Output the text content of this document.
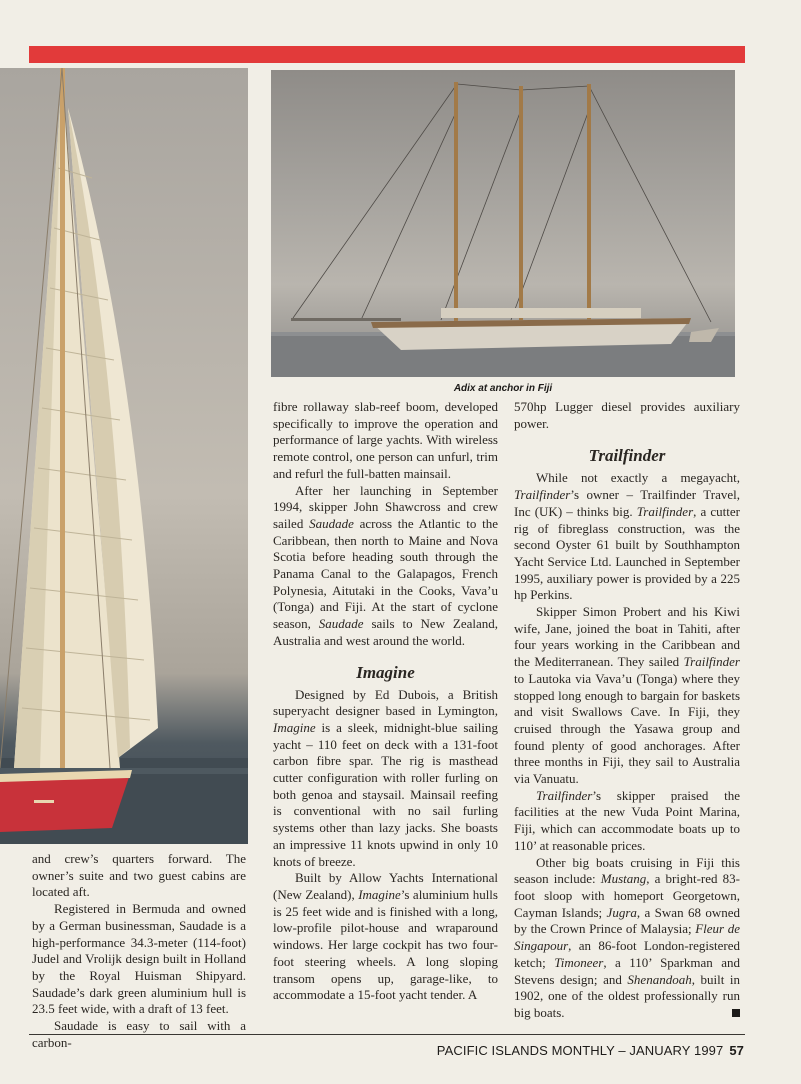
Adix at anchor in Fiji

and crew’s quarters forward. The owner’s suite and two guest cabins are located aft.

Registered in Bermuda and owned by a German businessman, Saudade is a high-performance 34.3-meter (114-foot) Judel and Vrolijk design built in Holland by the Royal Huisman Shipyard. Saudade’s dark green aluminium hull is 23.5 feet wide, with a draft of 13 feet.

Saudade is easy to sail with a carbon-

fibre rollaway slab-reef boom, developed specifically to improve the operation and performance of large yachts. With wireless remote control, one person can unfurl, trim and refurl the full-batten mainsail.

After her launching in September 1994, skipper John Shawcross and crew sailed Saudade across the Atlantic to the Caribbean, then north to Maine and Nova Scotia before heading south through the Panama Canal to the Galapagos, French Polynesia, Aitutaki in the Cooks, Vava’u (Tonga) and Fiji. At the start of cyclone season, Saudade sails to New Zealand, Australia and west around the world.

Imagine

Designed by Ed Dubois, a British superyacht designer based in Lymington, Imagine is a sleek, midnight-blue sailing yacht – 110 feet on deck with a 131-foot carbon fibre spar. The rig is masthead cutter configuration with roller furling on both genoa and staysail. Mainsail reefing is conventional with no sail furling systems other than lazy jacks. She boasts an impressive 11 knots upwind in only 10 knots of breeze.

Built by Allow Yachts International (New Zealand), Imagine’s aluminium hulls is 25 feet wide and is finished with a long, low-profile pilot-house and wraparound windows. Her large cockpit has two four-foot steering wheels. A long sloping transom opens up, garage-like, to accommodate a 15-foot yacht tender. A

570hp Lugger diesel provides auxiliary power.

Trailfinder

While not exactly a megayacht, Trailfinder’s owner – Trailfinder Travel, Inc (UK) – thinks big. Trailfinder, a cutter rig of fibreglass construction, was the second Oyster 61 built by Southhampton Yacht Service Ltd. Launched in September 1995, auxiliary power is provided by a 225 hp Perkins.

Skipper Simon Probert and his Kiwi wife, Jane, joined the boat in Tahiti, after four years working in the Caribbean and the Mediterranean. They sailed Trailfinder to Lautoka via Vava’u (Tonga) where they stopped long enough to bargain for baskets and visit Swallows Cave. In Fiji, they cruised through the Yasawa group and found plenty of good anchorages. After three months in Fiji, they sail to Australia via Vanuatu.

Trailfinder’s skipper praised the facilities at the new Vuda Point Marina, Fiji, which can accommodate boats up to 110’ at reasonable prices.

Other big boats cruising in Fiji this season include: Mustang, a bright-red 83-foot sloop with homeport Georgetown, Cayman Islands; Jugra, a Swan 68 owned by the Crown Prince of Malaysia; Fleur de Singapour, an 86-foot London-registered ketch; Timoneer, a 110’ Sparkman and Stevens design; and Shenandoah, built in 1902, one of the oldest professionally run big boats.

PACIFIC ISLANDS MONTHLY – JANUARY 1997 57
